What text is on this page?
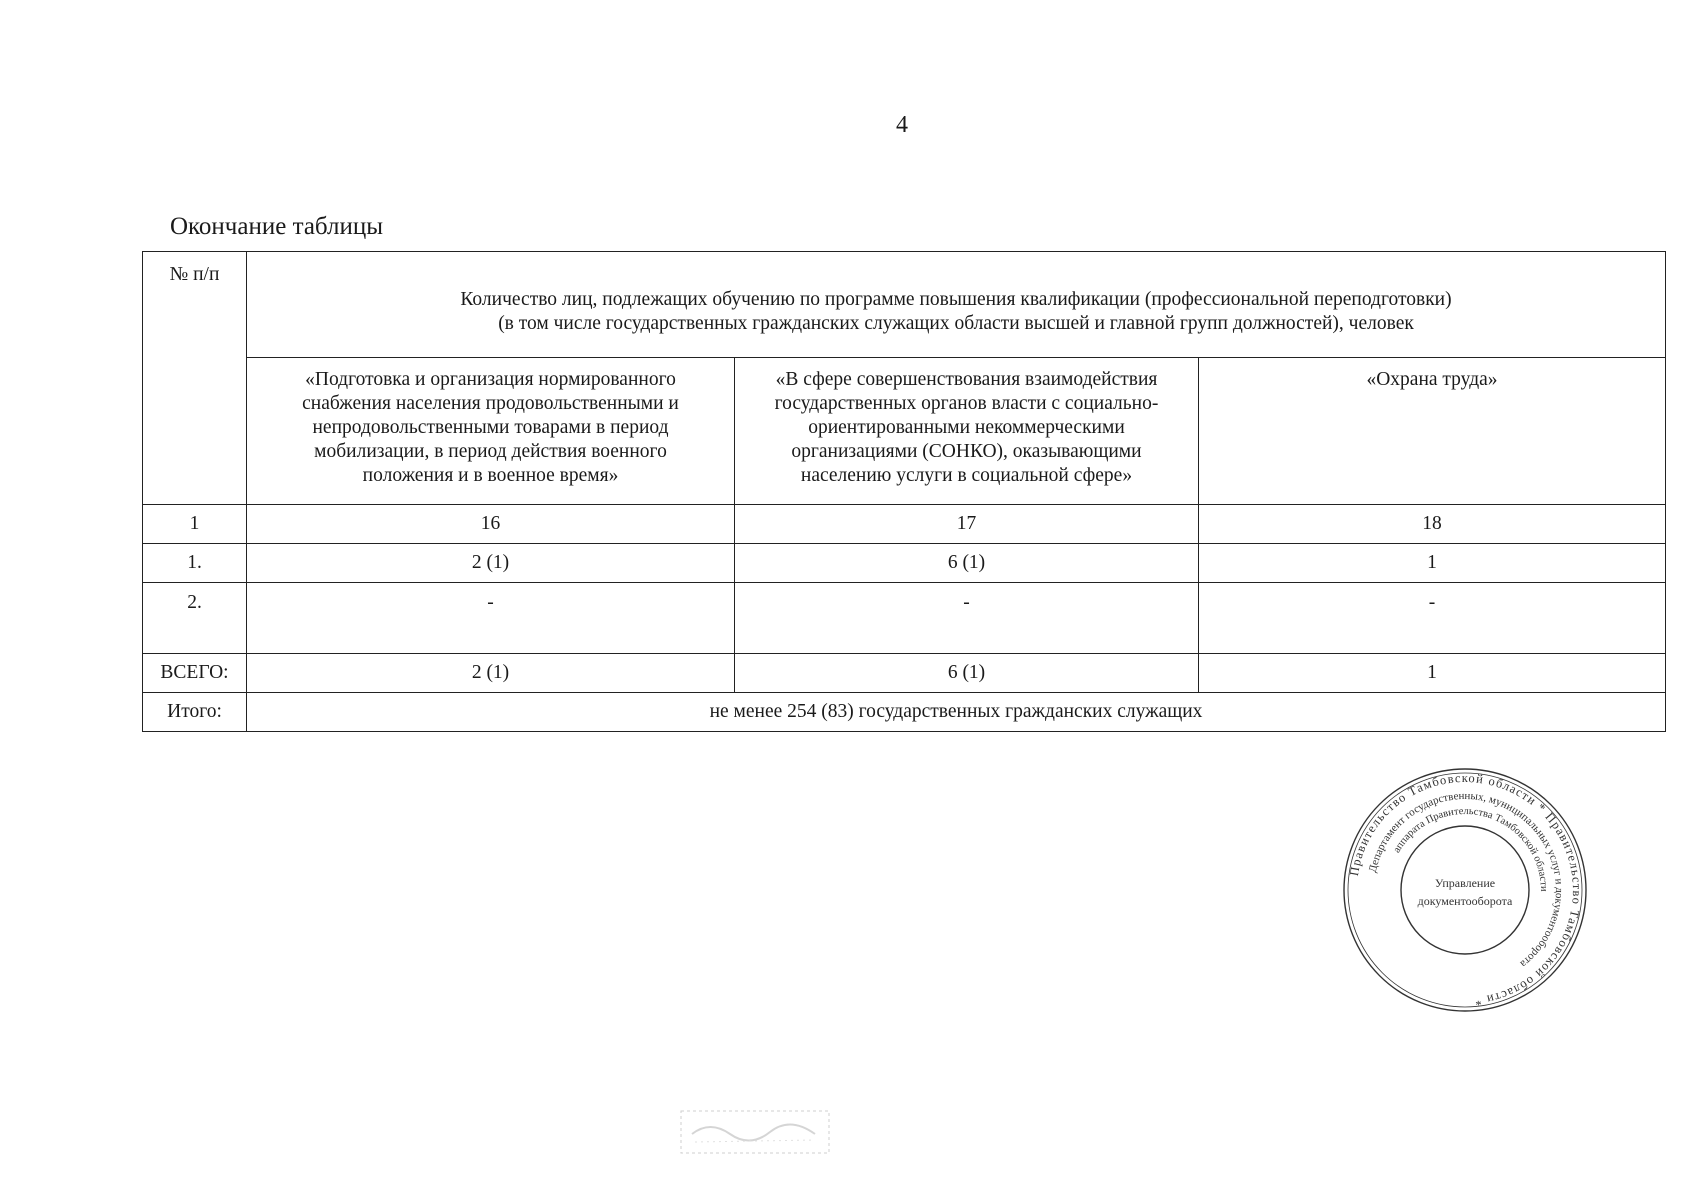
4
Окончание таблицы
№ п/п	Количество лиц, подлежащих обучению по программе повышения квалификации (профессиональной переподготовки)
(в том числе государственных гражданских служащих области высшей и главной групп должностей), человек		

	«Подготовка и организация нормированного снабжения населения продовольственными и непродовольственными товарами в период мобилизации, в период действия военного положения и в военное время»	«В сфере совершенствования взаимодействия государственных органов власти с социально-ориентированными некоммерческими организациями (СОНКО), оказывающими населению услуги в социальной сфере»	«Охрана труда»
1	16	17	18
1.	2 (1)	6 (1)	1
2.	-	-	-
ВСЕГО:	2 (1)	6 (1)	1
Итого:	не менее 254 (83) государственных гражданских служащих		
Правительство Тамбовской области * Правительство Тамбовской области *
Департамент государственных, муниципальных услуг и документооборота
аппарата Правительства Тамбовской области
Управление
документооборота
